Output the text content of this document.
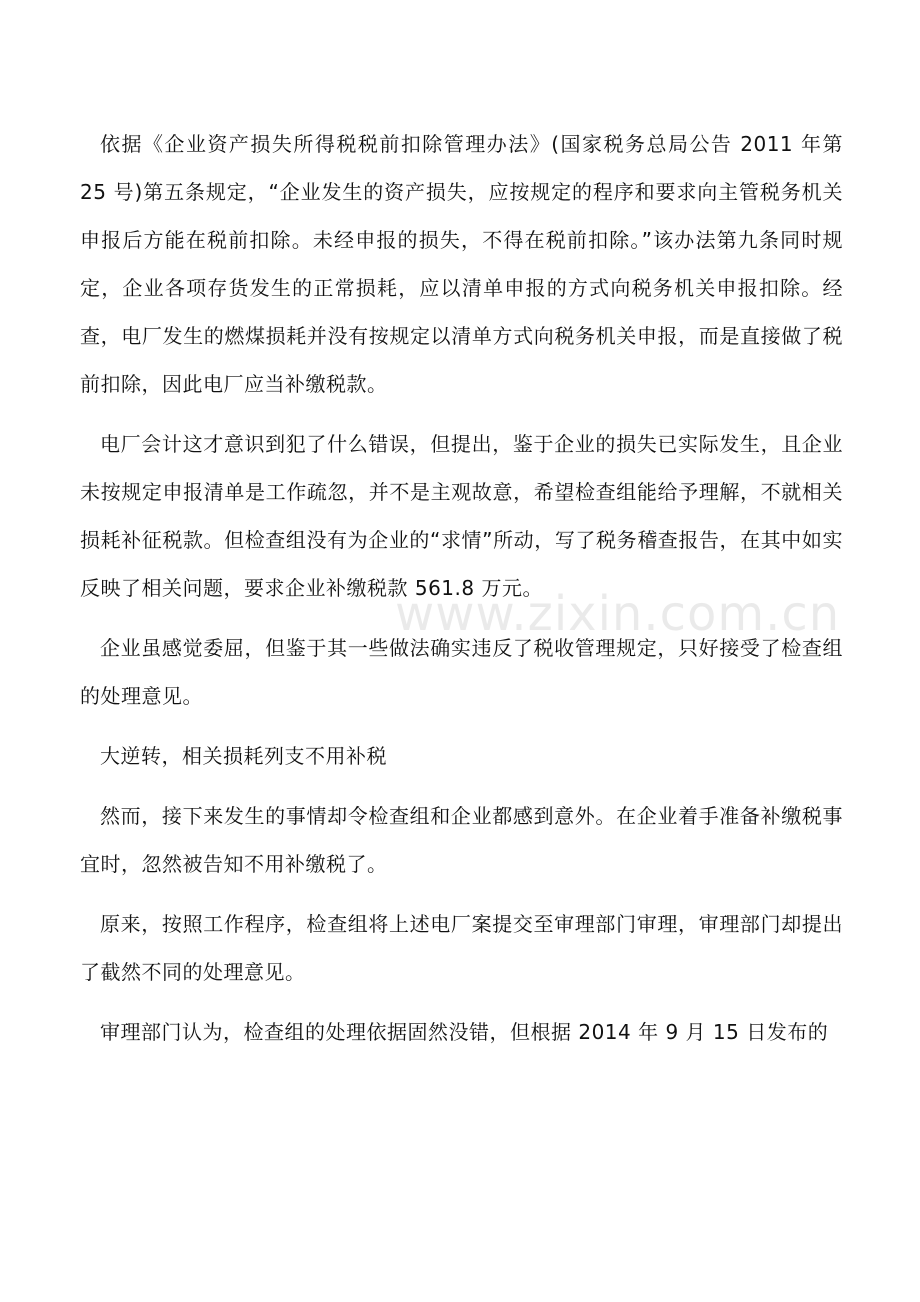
依据《企业资产损失所得税税前扣除管理办法》(国家税务总局公告 2011 年第 25 号)第五条规定，“企业发生的资产损失，应按规定的程序和要求向主管税务机关申报后方能在税前扣除。未经申报的损失，不得在税前扣除。”该办法第九条同时规定，企业各项存货发生的正常损耗，应以清单申报的方式向税务机关申报扣除。经查，电厂发生的燃煤损耗并没有按规定以清单方式向税务机关申报，而是直接做了税前扣除，因此电厂应当补缴税款。

电厂会计这才意识到犯了什么错误，但提出，鉴于企业的损失已实际发生，且企业未按规定申报清单是工作疏忽，并不是主观故意，希望检查组能给予理解，不就相关损耗补征税款。但检查组没有为企业的“求情”所动，写了税务稽查报告，在其中如实反映了相关问题，要求企业补缴税款 561.8 万元。

企业虽感觉委屈，但鉴于其一些做法确实违反了税收管理规定，只好接受了检查组的处理意见。

大逆转，相关损耗列支不用补税

然而，接下来发生的事情却令检查组和企业都感到意外。在企业着手准备补缴税事宜时，忽然被告知不用补缴税了。

原来，按照工作程序，检查组将上述电厂案提交至审理部门审理，审理部门却提出了截然不同的处理意见。

审理部门认为，检查组的处理依据固然没错，但根据 2014 年 9 月 15 日发布的

www.zixin.com.cn
